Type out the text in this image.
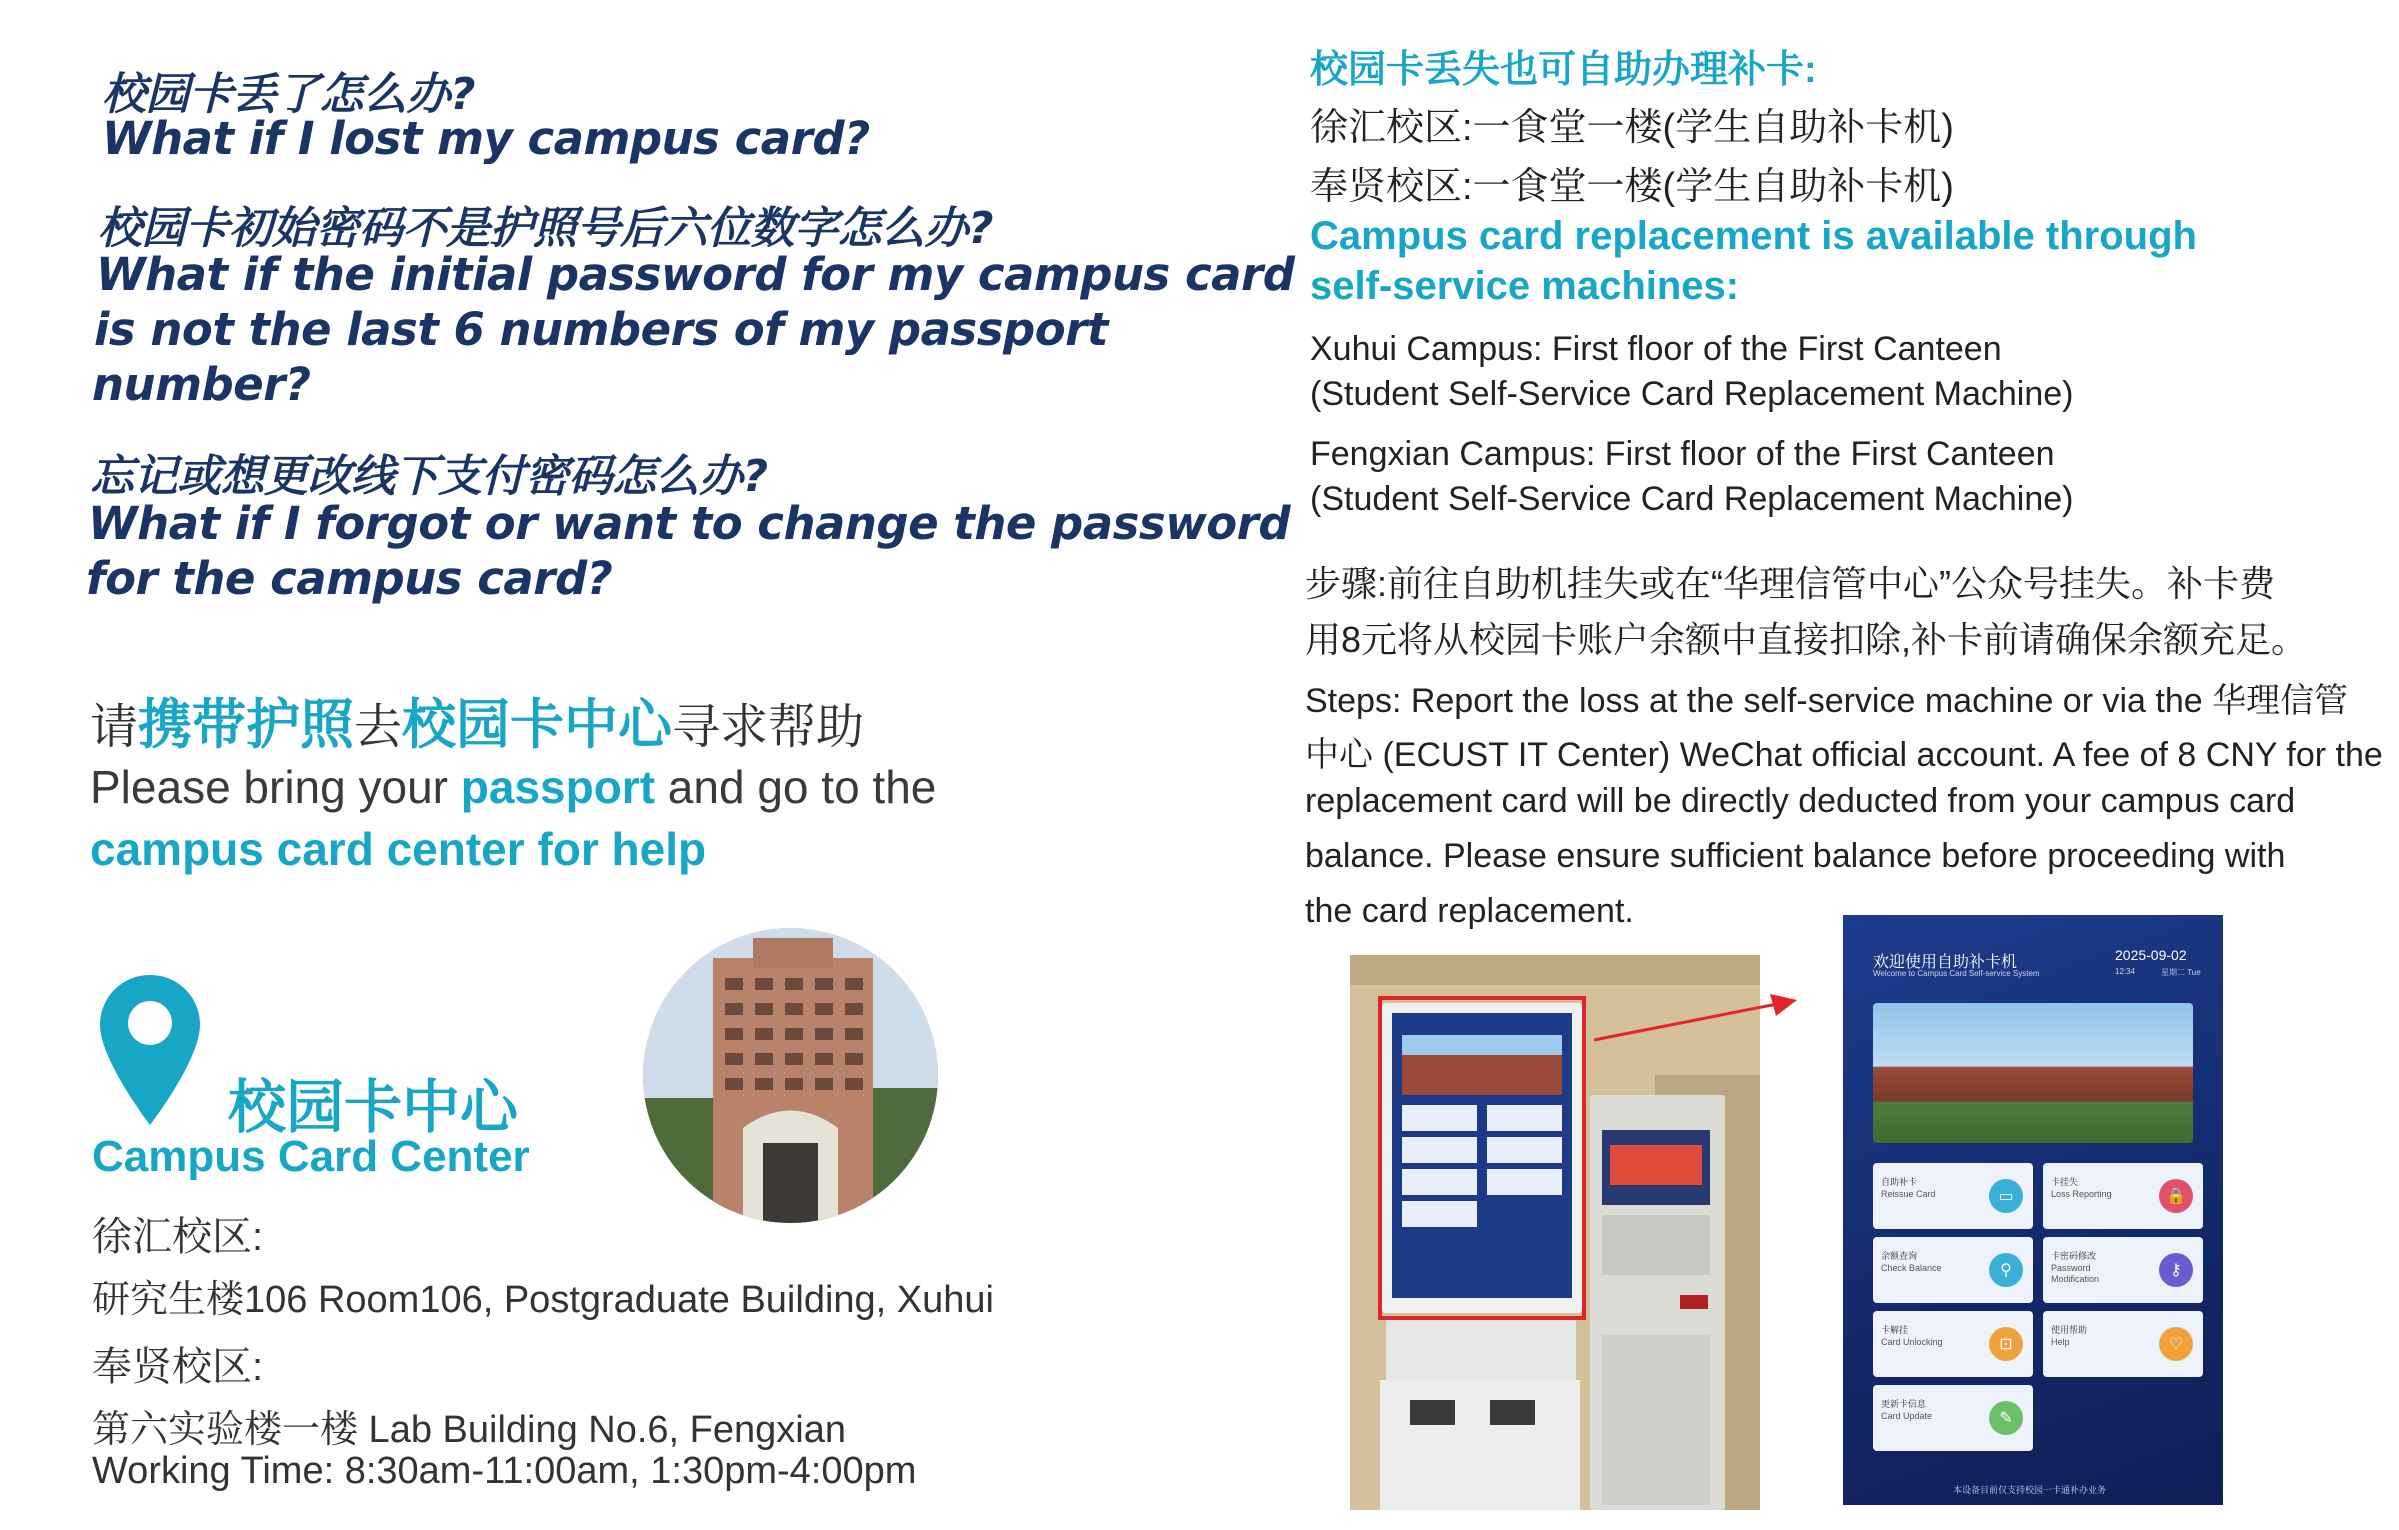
校园卡丢了怎么办?
What if I lost my campus card?
校园卡初始密码不是护照号后六位数字怎么办?
What if the initial password for my campus card
is not the last 6 numbers of my passport
number?
忘记或想更改线下支付密码怎么办?
What if I forgot or want to change the password
for the campus card?
请携带护照去校园卡中心寻求帮助
Please bring your passport and go to the
campus card center for help
校园卡中心
Campus Card Center
徐汇校区:
研究生楼106 Room106, Postgraduate Building, Xuhui
奉贤校区:
第六实验楼一楼 Lab Building No.6, Fengxian
Working Time: 8:30am-11:00am, 1:30pm-4:00pm
校园卡丢失也可自助办理补卡:
徐汇校区:一食堂一楼(学生自助补卡机)
奉贤校区:一食堂一楼(学生自助补卡机)
Campus card replacement is available through
self-service machines:
Xuhui Campus: First floor of the First Canteen
(Student Self-Service Card Replacement Machine)
Fengxian Campus: First floor of the First Canteen
(Student Self-Service Card Replacement Machine)
步骤:前往自助机挂失或在“华理信管中心”公众号挂失。补卡费
用8元将从校园卡账户余额中直接扣除,补卡前请确保余额充足。
Steps: Report the loss at the self-service machine or via the 华理信管
中心 (ECUST IT Center) WeChat official account. A fee of 8 CNY for the
replacement card will be directly deducted from your campus card
balance. Please ensure sufficient balance before proceeding with
the card replacement.
欢迎使用自助补卡机
Welcome to Campus Card Self-service System
2025-09-02
12:34	星期二 Tue
自助补卡
Reissue Card	▭
卡挂失
Loss Reporting	🔒
余额查询
Check Balance	⚲
卡密码修改
Password Modification	⚷
卡解挂
Card Unlocking	⊡
使用帮助
Help	♡
更新卡信息
Card Update	✎
本设备目前仅支持校园一卡通补办业务
